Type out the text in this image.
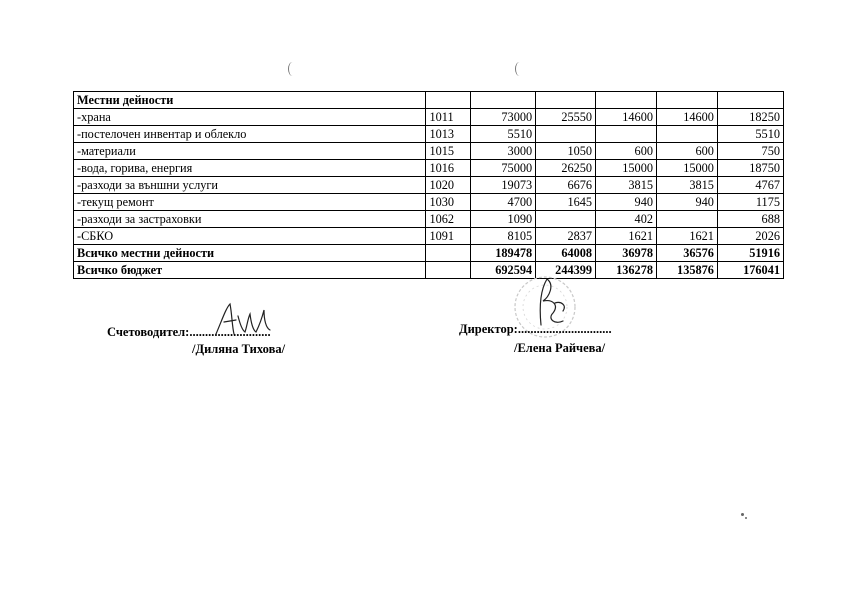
Местни дейности						
-храна	1011	73000	25550	14600	14600	18250
-постелочен инвентар и облекло	1013	5510				5510
-материали	1015	3000	1050	600	600	750
-вода, горива, енергия	1016	75000	26250	15000	15000	18750
-разходи за външни услуги	1020	19073	6676	3815	3815	4767
-текущ ремонт	1030	4700	1645	940	940	1175
-разходи за застраховки	1062	1090		402		688
-СБКО	1091	8105	2837	1621	1621	2026
Всичко местни дейности		189478	64008	36978	36576	51916
Всичко бюджет		692594	244399	136278	135876	176041
Счетоводител:..........................
/Диляна Тихова/
Директор:..............................
/Елена Райчева/
